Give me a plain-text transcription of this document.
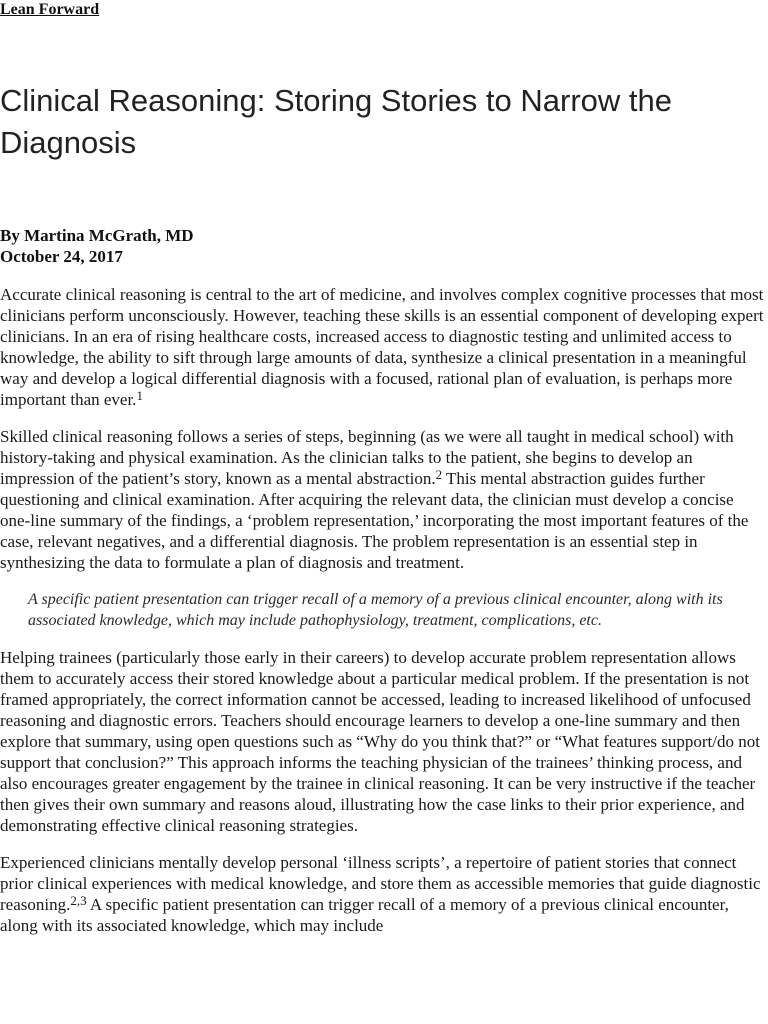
Lean Forward
Clinical Reasoning: Storing Stories to Narrow the Diagnosis
By Martina McGrath, MD
October 24, 2017

Accurate clinical reasoning is central to the art of medicine, and involves complex cognitive processes that most clinicians perform unconsciously. However, teaching these skills is an essential component of developing expert clinicians. In an era of rising healthcare costs, increased access to diagnostic testing and unlimited access to knowledge, the ability to sift through large amounts of data, synthesize a clinical presentation in a meaningful way and develop a logical differential diagnosis with a focused, rational plan of evaluation, is perhaps more important than ever.$^1$

Skilled clinical reasoning follows a series of steps, beginning (as we were all taught in medical school) with history-taking and physical examination. As the clinician talks to the patient, she begins to develop an impression of the patient’s story, known as a mental abstraction.$^2$ This mental abstraction guides further questioning and clinical examination. After acquiring the relevant data, the clinician must develop a concise one-line summary of the findings, a ‘problem representation,’ incorporating the most important features of the case, relevant negatives, and a differential diagnosis. The problem representation is an essential step in synthesizing the data to formulate a plan of diagnosis and treatment.

A specific patient presentation can trigger recall of a memory of a previous clinical encounter, along with its associated knowledge, which may include pathophysiology, treatment, complications, etc.

Helping trainees (particularly those early in their careers) to develop accurate problem representation allows them to accurately access their stored knowledge about a particular medical problem. If the presentation is not framed appropriately, the correct information cannot be accessed, leading to increased likelihood of unfocused reasoning and diagnostic errors. Teachers should encourage learners to develop a one-line summary and then explore that summary, using open questions such as “Why do you think that?” or “What features support/do not support that conclusion?” This approach informs the teaching physician of the trainees’ thinking process, and also encourages greater engagement by the trainee in clinical reasoning. It can be very instructive if the teacher then gives their own summary and reasons aloud, illustrating how the case links to their prior experience, and demonstrating effective clinical reasoning strategies.

Experienced clinicians mentally develop personal ‘illness scripts’, a repertoire of patient stories that connect prior clinical experiences with medical knowledge, and store them as accessible memories that guide diagnostic reasoning.$^{2,3}$ A specific patient presentation can trigger recall of a memory of a previous clinical encounter, along with its associated knowledge, which may include
